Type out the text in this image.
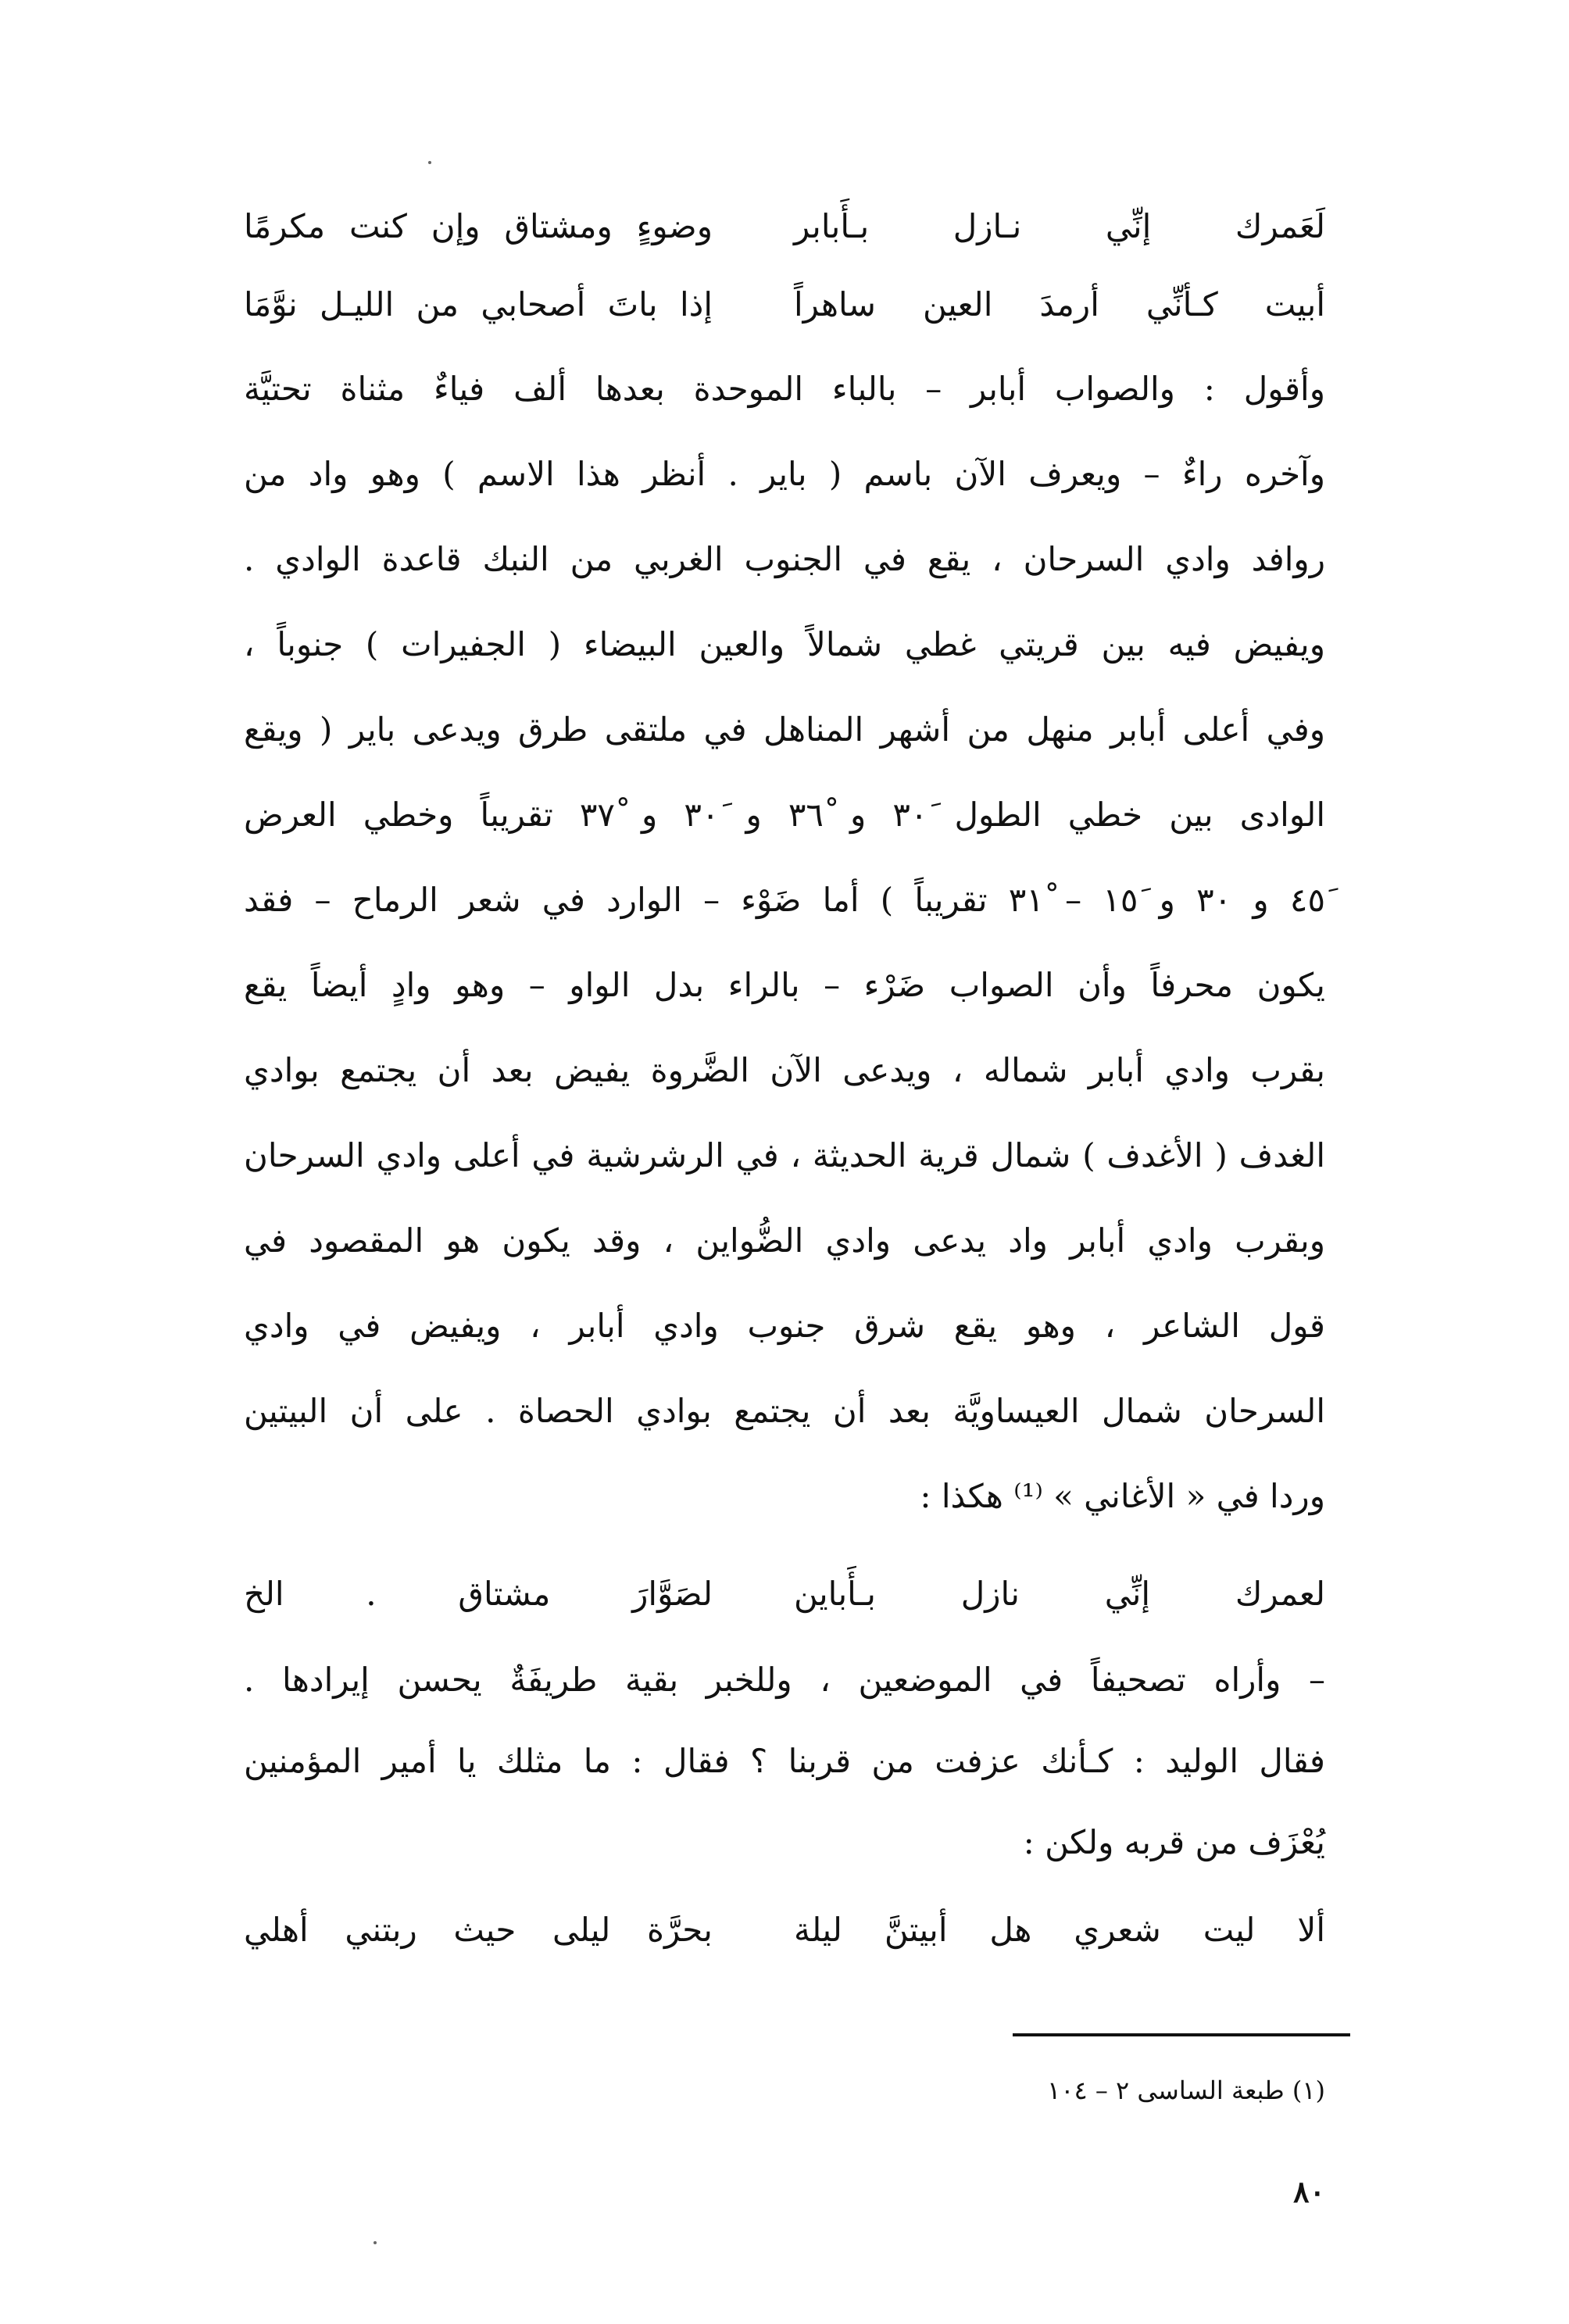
لَعَمرك إنِّي نـازل بـأَبابر
وضوءٍ ومشتاق وإن كنت مكرمًا
أبيت كـأنِّي أرمدَ العين ساهراً
إذا باتَ أصحابي من الليـل نوَّمَا
وأقول : والصواب أبابر – بالباء الموحدة بعدها ألف فياءٌ مثناة تحتيَّة
وآخره راءٌ – ويعرف الآن باسم ( باير . أنظر هذا الاسم ) وهو واد من
روافد وادي السرحان ، يقع في الجنوب الغربي من النبك قاعدة الوادي .
ويفيض فيه بين قريتي غطي شمالاً والعين البيضاء ( الجفيرات ) جنوباً ،
وفي أعلى أبابر منهل من أشهر المناهل في ملتقى طرق ويدعى باير ( ويقع
الوادى بين خطي الطول ٣٠َ و ٣٦ْ و ٣٠َ و ٣٧ْ تقريباً وخطي العرض
٤٥َ و ٣٠ و ١٥َ – ٣١ْ تقريباً ) أما ضَوْء – الوارد في شعر الرماح – فقد
يكون محرفاً وأن الصواب ضَرْء – بالراء بدل الواو – وهو وادٍ أيضاً يقع
بقرب وادي أبابر شماله ، ويدعى الآن الضَّروة يفيض بعد أن يجتمع بوادي
الغدف ( الأغدف ) شمال قرية الحديثة ، في الرشرشية في أعلى وادي السرحان
وبقرب وادي أبابر واد يدعى وادي الضُّواين ، وقد يكون هو المقصود في
قول الشاعر ، وهو يقع شرق جنوب وادي أبابر ، ويفيض في وادي
السرحان شمال العيساويَّة بعد أن يجتمع بوادي الحصاة . على أن البيتين
وردا في « الأغاني » ⁽¹⁾ هكذا :
لعمرك إنِّي نازل بـأَباين
لصَوَّارَ مشتاق . الخ
– وأراه تصحيفاً في الموضعين ، وللخبر بقية طريفَةٌ يحسن إيرادها .
فقال الوليد : كـأنك عزفت من قربنا ؟ فقال : ما مثلك يا أمير المؤمنين
يُعْزَف من قربه ولكن :
ألا ليت شعري هل أبيتنَّ ليلة
بحرَّة ليلى حيث ربتني أهلي
(١) طبعة الساسى ٢ – ١٠٤
٨٠
